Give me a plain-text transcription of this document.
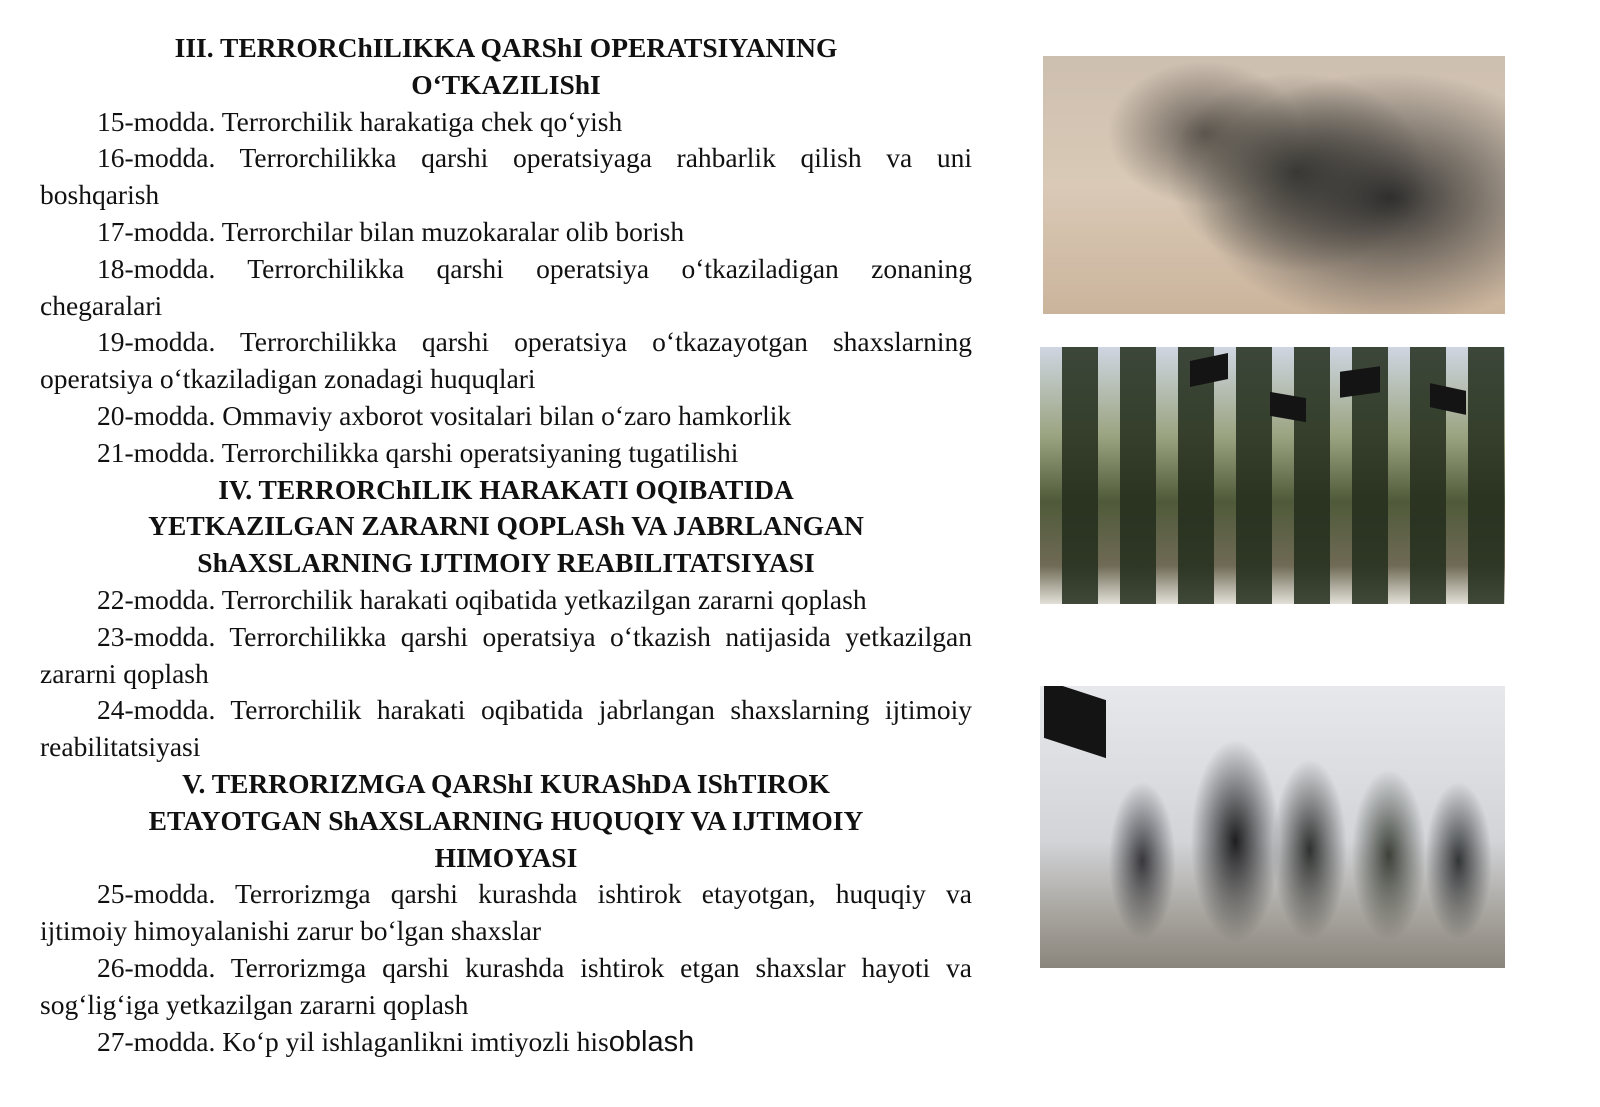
III. TERRORChILIKKA QARShI OPERATSIYANING
O‘TKAZILIShI

15-modda. Terrorchilik harakatiga chek qo‘yish

16-modda. Terrorchilikka qarshi operatsiyaga rahbarlik qilish va uni boshqarish

17-modda. Terrorchilar bilan muzokaralar olib borish

18-modda. Terrorchilikka qarshi operatsiya o‘tkaziladigan zonaning chegaralari

19-modda. Terrorchilikka qarshi operatsiya o‘tkazayotgan shaxslarning operatsiya o‘tkaziladigan zonadagi huquqlari

20-modda. Ommaviy axborot vositalari bilan o‘zaro hamkorlik

21-modda. Terrorchilikka qarshi operatsiyaning tugatilishi

IV. TERRORChILIK HARAKATI OQIBATIDA
YETKAZILGAN ZARARNI QOPLASh VA JABRLANGAN
ShAXSLARNING IJTIMOIY REABILITATSIYASI

22-modda. Terrorchilik harakati oqibatida yetkazilgan zararni qoplash

23-modda. Terrorchilikka qarshi operatsiya o‘tkazish natijasida yetkazilgan zararni qoplash

24-modda. Terrorchilik harakati oqibatida jabrlangan shaxslarning ijtimoiy reabilitatsiyasi

V. TERRORIZMGA QARShI KURAShDA IShTIROK
ETAYOTGAN ShAXSLARNING HUQUQIY VA IJTIMOIY
HIMOYASI

25-modda. Terrorizmga qarshi kurashda ishtirok etayotgan, huquqiy va ijtimoiy himoyalanishi zarur bo‘lgan shaxslar

26-modda. Terrorizmga qarshi kurashda ishtirok etgan shaxslar hayoti va sog‘lig‘iga yetkazilgan zararni qoplash

27-modda. Ko‘p yil ishlaganlikni imtiyozli hisoblash
